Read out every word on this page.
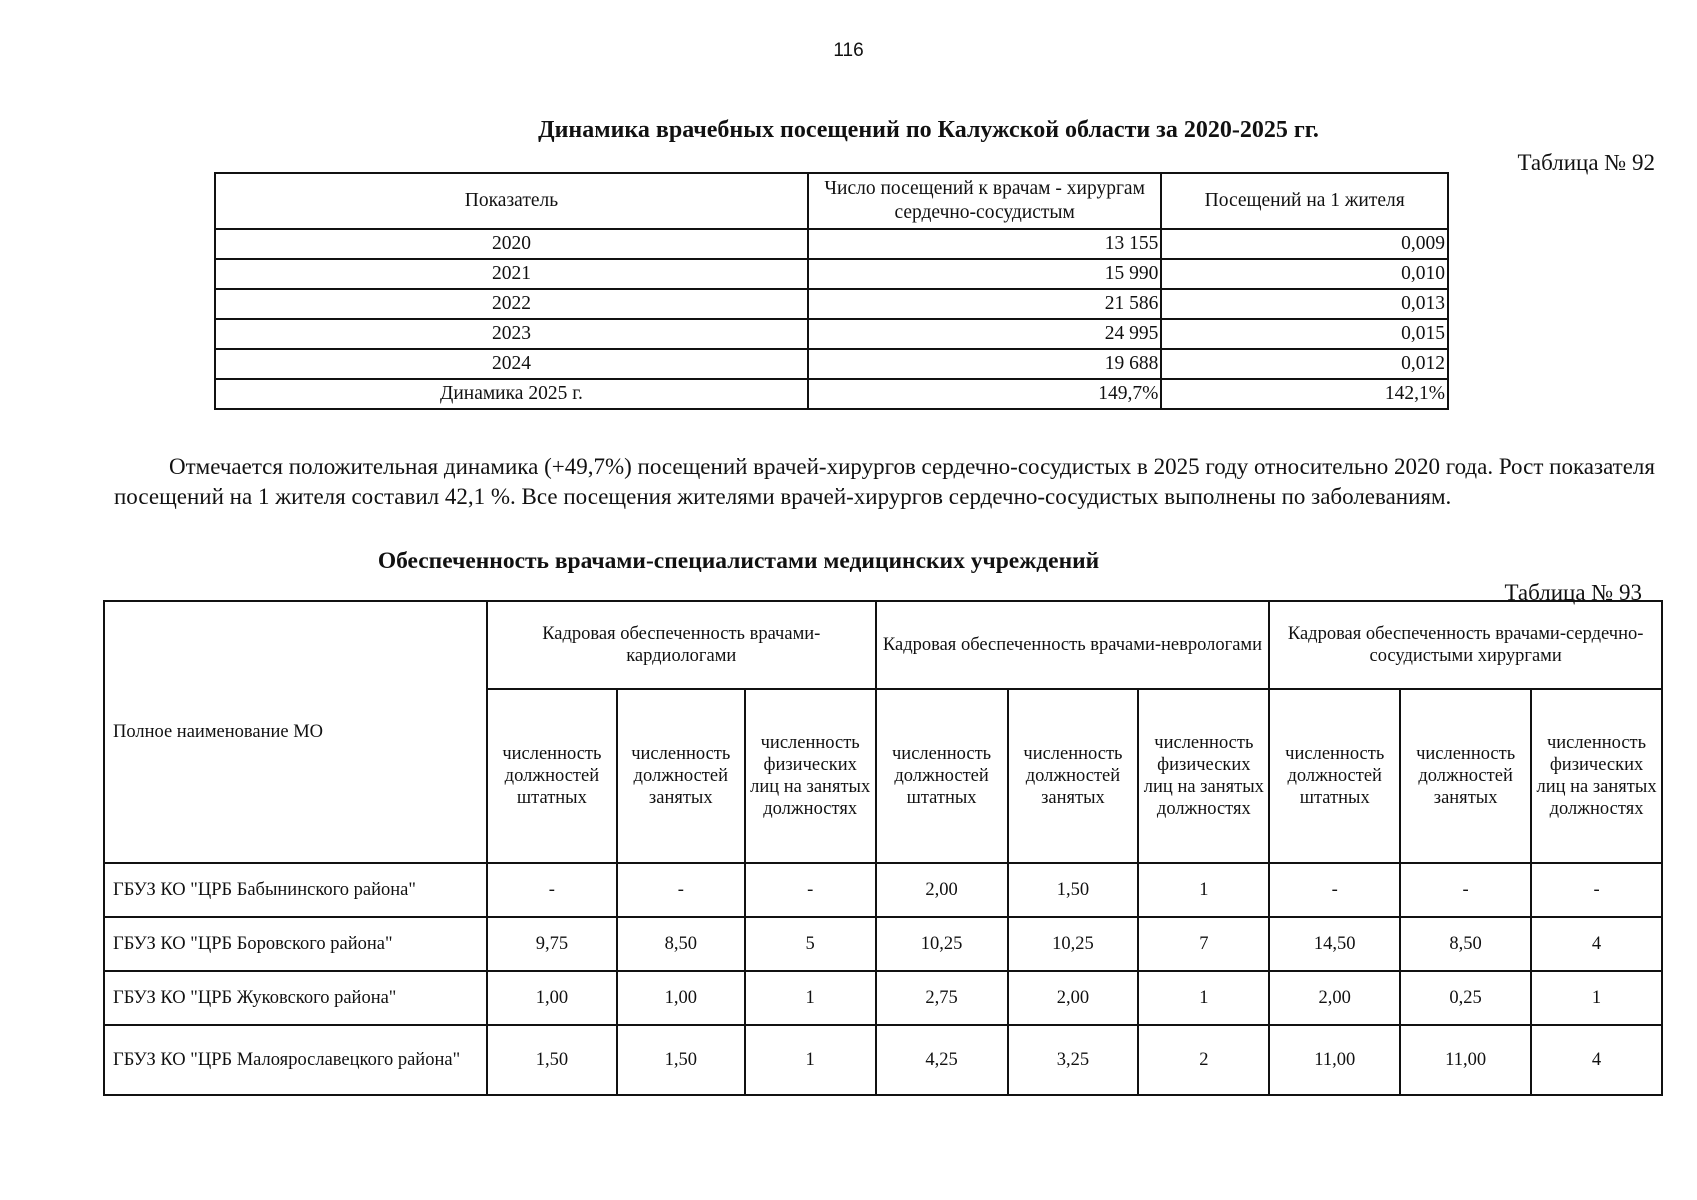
116
Динамика врачебных посещений по Калужской области за 2020-2025 гг.
Таблица № 92
Показатель	Число посещений к врачам - хирургам сердечно-сосудистым	Посещений на 1 жителя
2020	13 155	0,009
2021	15 990	0,010
2022	21 586	0,013
2023	24 995	0,015
2024	19 688	0,012
Динамика 2025 г.	149,7%	142,1%
Отмечается положительная динамика (+49,7%) посещений врачей-хирургов сердечно-сосудистых в 2025 году относительно 2020 года. Рост показателя посещений на 1 жителя составил 42,1 %. Все посещения жителями врачей-хирургов сердечно-сосудистых выполнены по заболеваниям.
Обеспеченность врачами-специалистами медицинских учреждений
Таблица № 93
Полное наименование МО	Кадровая обеспеченность врачами-кардиологами			Кадровая обеспеченность врачами-неврологами			Кадровая обеспеченность врачами-сердечно-сосудистыми хирургами		
	численность должностей штатных	численность должностей занятых	численность физических лиц на занятых должностях	численность должностей штатных	численность должностей занятых	численность физических лиц на занятых должностях	численность должностей штатных	численность должностей занятых	численность физических лиц на занятых должностях
ГБУЗ КО "ЦРБ Бабынинского района"	-	-	-	2,00	1,50	1	-	-	-
ГБУЗ КО "ЦРБ Боровского района"	9,75	8,50	5	10,25	10,25	7	14,50	8,50	4
ГБУЗ КО "ЦРБ Жуковского района"	1,00	1,00	1	2,75	2,00	1	2,00	0,25	1
ГБУЗ КО "ЦРБ Малоярославецкого района"	1,50	1,50	1	4,25	3,25	2	11,00	11,00	4
